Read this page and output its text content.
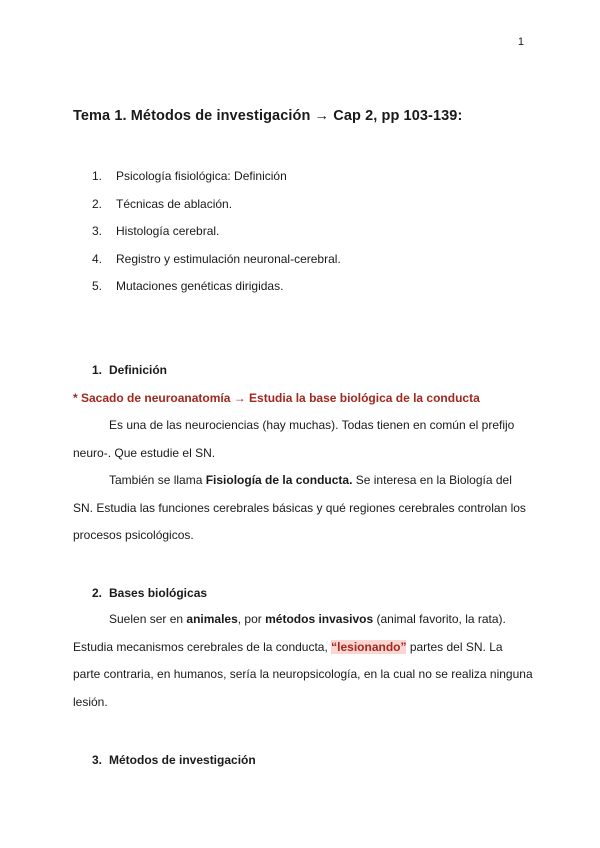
1
Tema 1. Métodos de investigación → Cap 2, pp 103-139:
1. Psicología fisiológica: Definición
2. Técnicas de ablación.
3. Histología cerebral.
4. Registro y estimulación neuronal-cerebral.
5. Mutaciones genéticas dirigidas.
1. Definición
* Sacado de neuroanatomía → Estudia la base biológica de la conducta

Es una de las neurociencias (hay muchas). Todas tienen en común el prefijo neuro-. Que estudie el SN.

También se llama Fisiología de la conducta. Se interesa en la Biología del SN. Estudia las funciones cerebrales básicas y qué regiones cerebrales controlan los procesos psicológicos.

2. Bases biológicas

Suelen ser en animales, por métodos invasivos (animal favorito, la rata). Estudia mecanismos cerebrales de la conducta, “lesionando” partes del SN. La parte contraria, en humanos, sería la neuropsicología, en la cual no se realiza ninguna lesión.

3. Métodos de investigación
